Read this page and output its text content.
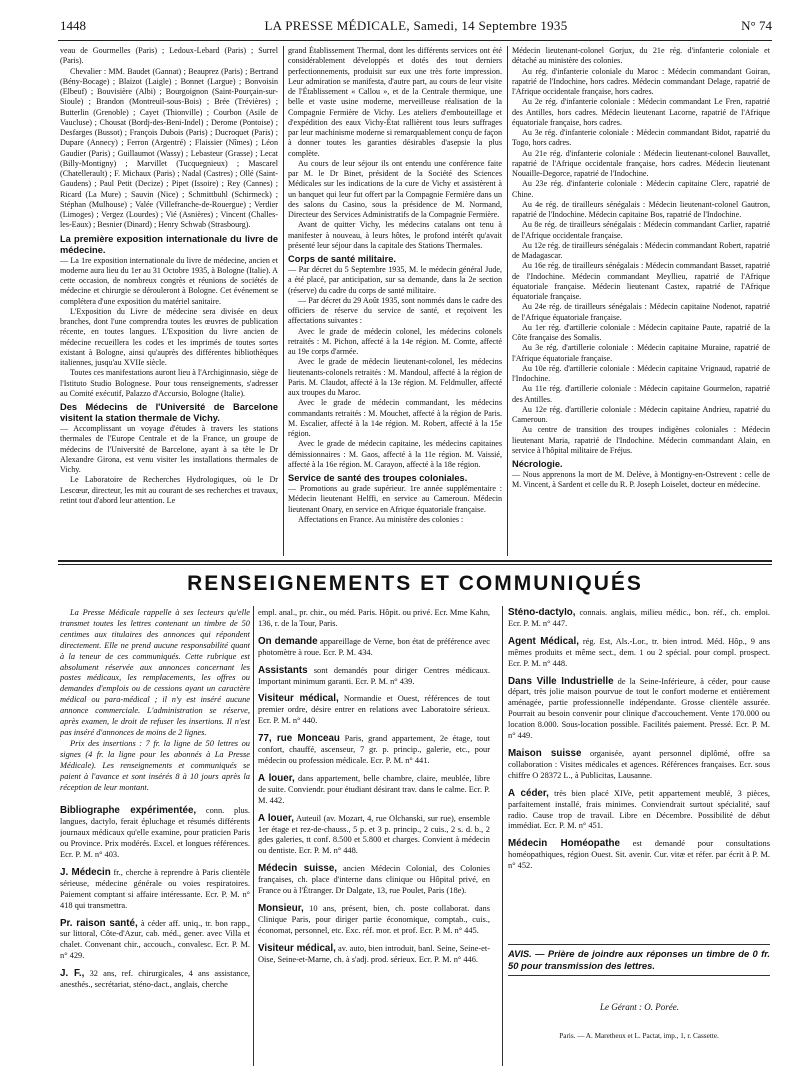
1448	LA PRESSE MÉDICALE, Samedi, 14 Septembre 1935	N° 74

veau de Gourmelles (Paris) ; Ledoux-Lebard (Paris) ; Surrel (Paris).

Chevalier : MM. Baudet (Gannat) ; Beauprez (Paris) ; Bertrand (Bény-Bocage) ; Blaizot (Laigle) ; Bonnet (Largue) ; Bonvoisin (Elbeuf) ; Bouvisière (Albi) ; Bourgoignon (Saint-Pourçain-sur-Sioule) ; Brandon (Montreuil-sous-Bois) ; Brée (Trévières) ; Butterlin (Grenoble) ; Cayet (Thionville) ; Courbon (Asile de Vaucluse) ; Chousat (Bordj-des-Beni-Indel) ; Derome (Pontoise) ; Desfarges (Bussot) ; François Dubois (Paris) ; Ducroquet (Paris) ; Dupare (Annecy) ; Ferron (Argentré) ; Flaissier (Nîmes) ; Léon Gaudier (Paris) ; Guillaumot (Wassy) ; Lebasteur (Grasse) ; Lecat (Billy-Montigny) ; Marvillet (Tucquegnieux) ; Mascarel (Chatellerault) ; F. Michaux (Paris) ; Nadal (Castres) ; Ollé (Saint-Gaudens) ; Paul Petit (Decize) ; Pipet (Issoire) ; Rey (Cannes) ; Ricard (La Mure) ; Sauvin (Nice) ; Schmittbuhl (Schirmeck) ; Stéphan (Mulhouse) ; Valée (Villefranche-de-Rouergue) ; Verdier (Limoges) ; Vergez (Lourdes) ; Vié (Asnières) ; Vincent (Challes-les-Eaux) ; Besnier (Dinard) ; Henry Schwab (Strasbourg).

La première exposition internationale du livre de médecine.

— La 1re exposition internationale du livre de médecine, ancien et moderne aura lieu du 1er au 31 Octobre 1935, à Bologne (Italie). A cette occasion, de nombreux congrès et réunions de sociétés de médecine et chirurgie se dérouleront à Bologne. Cet événement se complétera d'une exposition du matériel sanitaire.

L'Exposition du Livre de médecine sera divisée en deux branches, dont l'une comprendra toutes les œuvres de publication récente, en toutes langues. L'Exposition du livre ancien de médecine recueillera les codes et les imprimés de toutes sortes existant à Bologne, ainsi qu'auprès des différentes bibliothèques italiennes, jusqu'au XVIIe siècle.

Toutes ces manifestations auront lieu à l'Archiginnasio, siège de l'Istituto Studio Bolognese. Pour tous renseignements, s'adresser au Comité exécutif, Palazzo d'Accursio, Bologne (Italie).

Des Médecins de l'Université de Barcelone visitent la station thermale de Vichy.

— Accomplissant un voyage d'études à travers les stations thermales de l'Europe Centrale et de la France, un groupe de médecins de l'Université de Barcelone, ayant à sa tête le Dr Alexandre Girona, est venu visiter les installations thermales de Vichy.

Le Laboratoire de Recherches Hydrologiques, où le Dr Lescœur, directeur, les mit au courant de ses recherches et travaux, retint tout d'abord leur attention. Le

grand Établissement Thermal, dont les différents services ont été considérablement développés et dotés des tout derniers perfectionnements, produisit sur eux une très forte impression. Leur admiration se manifesta, d'autre part, au cours de leur visite de l'Établissement « Callou », et de la Centrale thermique, une belle et vaste usine moderne, merveilleuse réalisation de la Compagnie Fermière de Vichy. Les ateliers d'embouteillage et d'expédition des eaux Vichy-État rallièrent tous leurs suffrages par leur machinisme moderne si remarquablement conçu de façon à donner toutes les garanties désirables d'asepsie la plus complète.

Au cours de leur séjour ils ont entendu une conférence faite par M. le Dr Binet, président de la Société des Sciences Médicales sur les indications de la cure de Vichy et assistèrent à un banquet qui leur fut offert par la Compagnie Fermière dans un des salons du Casino, sous la présidence de M. Normand, Directeur des Services Administratifs de la Compagnie Fermière.

Avant de quitter Vichy, les médecins catalans ont tenu à manifester à nouveau, à leurs hôtes, le profond intérêt qu'avait présenté leur séjour dans la capitale des Stations Thermales.

Corps de santé militaire.

— Par décret du 5 Septembre 1935, M. le médecin général Jude, a été placé, par anticipation, sur sa demande, dans la 2e section (réserve) du cadre du corps de santé militaire.

— Par décret du 29 Août 1935, sont nommés dans le cadre des officiers de réserve du service de santé, et reçoivent les affectations suivantes :

Avec le grade de médecin colonel, les médecins colonels retraités : M. Pichon, affecté à la 14e région. M. Comte, affecté au 19e corps d'armée.

Avec le grade de médecin lieutenant-colonel, les médecins lieutenants-colonels retraités : M. Mandoul, affecté à la région de Paris. M. Claudot, affecté à la 13e région. M. Feldmuller, affecté aux troupes du Maroc.

Avec le grade de médecin commandant, les médecins commandants retraités : M. Mouchet, affecté à la région de Paris. M. Escalier, affecté à la 14e région. M. Robert, affecté à la 15e région.

Avec le grade de médecin capitaine, les médecins capitaines démissionnaires : M. Gaos, affecté à la 11e région. M. Vaissié, affecté à la 16e région. M. Carayon, affecté à la 18e région.

Service de santé des troupes coloniales.

— Promotions au grade supérieur. 1re année supplémentaire : Médecin lieutenant Helffi, en service au Cameroun. Médecin lieutenant Onary, en service en Afrique équatoriale française.

Affectations en France. Au ministère des colonies :

Médecin lieutenant-colonel Gorjux, du 21e rég. d'infanterie coloniale et détaché au ministère des colonies.

Au rég. d'infanterie coloniale du Maroc : Médecin commandant Goiran, rapatrié de l'Indochine, hors cadres. Médecin commandant Delage, rapatrié de l'Afrique occidentale française, hors cadres.

Au 2e rég. d'infanterie coloniale : Médecin commandant Le Fren, rapatrié des Antilles, hors cadres. Médecin lieutenant Lacorne, rapatrié de l'Afrique équatoriale française, hors cadres.

Au 3e rég. d'infanterie coloniale : Médecin commandant Bidot, rapatrié du Togo, hors cadres.

Au 21e rég. d'infanterie coloniale : Médecin lieutenant-colonel Bauvallet, rapatrié de l'Afrique occidentale française, hors cadres. Médecin lieutenant Nouaille-Degorce, rapatrié de l'Indochine.

Au 23e rég. d'infanterie coloniale : Médecin capitaine Clerc, rapatrié de Chine.

Au 4e rég. de tirailleurs sénégalais : Médecin lieutenant-colonel Gautron, rapatrié de l'Indochine. Médecin capitaine Bos, rapatrié de l'Indochine.

Au 8e rég. de tirailleurs sénégalais : Médecin commandant Carlier, rapatrié de l'Afrique occidentale française.

Au 12e rég. de tirailleurs sénégalais : Médecin commandant Robert, rapatrié de Madagascar.

Au 16e rég. de tirailleurs sénégalais : Médecin commandant Basset, rapatrié de l'Indochine. Médecin commandant Meyllieu, rapatrié de l'Afrique équatoriale française. Médecin lieutenant Castex, rapatrié de l'Afrique équatoriale française.

Au 24e rég. de tirailleurs sénégalais : Médecin capitaine Nodenot, rapatrié de l'Afrique équatoriale française.

Au 1er rég. d'artillerie coloniale : Médecin capitaine Paute, rapatrié de la Côte française des Somalis.

Au 3e rég. d'artillerie coloniale : Médecin capitaine Muraine, rapatrié de l'Afrique équatoriale française.

Au 10e rég. d'artillerie coloniale : Médecin capitaine Vrignaud, rapatrié de l'Indochine.

Au 11e rég. d'artillerie coloniale : Médecin capitaine Gourmelon, rapatrié des Antilles.

Au 12e rég. d'artillerie coloniale : Médecin capitaine Andrieu, rapatrié du Cameroun.

Au centre de transition des troupes indigènes coloniales : Médecin lieutenant Maria, rapatrié de l'Indochine. Médecin commandant Alain, en service à l'hôpital militaire de Fréjus.

Nécrologie.

— Nous apprenons la mort de M. Delève, à Montigny-en-Ostrevent : celle de M. Vincent, à Sardent et celle du R. P. Joseph Loiselet, docteur en médecine.

RENSEIGNEMENTS ET COMMUNIQUÉS

La Presse Médicale rappelle à ses lecteurs qu'elle transmet toutes les lettres contenant un timbre de 50 centimes aux titulaires des annonces qui répondent directement. Elle ne prend aucune responsabilité quant à la teneur de ces communiqués. Cette rubrique est absolument réservée aux annonces concernant les postes médicaux, les remplacements, les offres ou demandes d'emplois ou de cessions ayant un caractère médical ou para-médical ; il n'y est inséré aucune annonce commerciale. L'administration se réserve, après examen, le droit de refuser les insertions. Il n'est pas inséré d'annonces de moins de 2 lignes.

Prix des insertions : 7 fr. la ligne de 50 lettres ou signes (4 fr. la ligne pour les abonnés à La Presse Médicale). Les renseignements et communiqués se paient à l'avance et sont insérés 8 à 10 jours après la réception de leur montant.

Bibliographe expérimentée, conn. plus. langues, dactylo, ferait épluchage et résumés différents journaux médicaux qu'elle examine, pour praticien Paris ou Province. Prix modérés. Excel. et longues références. Ecr. P. M. n° 403.

J. Médecin fr., cherche à reprendre à Paris clientèle sérieuse, médecine générale ou voies respiratoires. Paiement comptant si affaire intéressante. Ecr. P. M. n° 418 qui transmettra.

Pr. raison santé, à céder aff. uniq., tr. bon rapp., sur littoral, Côte-d'Azur, cab. méd., gener. avec Villa et chalet. Convenant chir., accouch., convalesc. Ecr. P. M. n° 429.

J. F., 32 ans, ref. chirurgicales, 4 ans assistance, anesthés., secrétariat, sténo-dact., anglais, cherche

empl. anal., pr. chir., ou méd. Paris. Hôpit. ou privé. Ecr. Mme Kahn, 136, r. de la Tour, Paris.

On demande appareillage de Verne, bon état de préférence avec photomètre à roue. Ecr. P. M. 434.

Assistants sont demandés pour diriger Centres médicaux. Important minimum garanti. Ecr. P. M. n° 439.

Visiteur médical, Normandie et Ouest, références de tout premier ordre, désire entrer en relations avec Laboratoire sérieux. Ecr. P. M. n° 440.

77, rue Monceau Paris, grand appartement, 2e étage, tout confort, chauffé, ascenseur, 7 gr. p. princip., galerie, etc., pour médecin ou profession médicale. Ecr. P. M. n° 441.

A louer, dans appartement, belle chambre, claire, meublée, libre de suite. Conviendr. pour étudiant désirant trav. dans le calme. Ecr. P. M. 442.

A louer, Auteuil (av. Mozart, 4, rue Olchanski, sur rue), ensemble 1er étage et rez-de-chauss., 5 p. et 3 p. princip., 2 cuis., 2 s. d. b., 2 gdes galeries, tt conf. 8.500 et 5.800 et charges. Convient à médecin ou dentiste. Ecr. P. M. n° 448.

Médecin suisse, ancien Médecin Colonial, des Colonies françaises, ch. place d'interne dans clinique ou Hôpital privé, en France ou à l'Étranger. Dr Dalgate, 13, rue Poulet, Paris (18e).

Monsieur, 10 ans, présent, bien, ch. poste collaborat. dans Clinique Paris, pour diriger partie économique, comptab., cuis., économat, personnel, etc. Exc. réf. mor. et prof. Ecr. P. M. n° 445.

Visiteur médical, av. auto, bien introduit, banl. Seine, Seine-et-Oise, Seine-et-Marne, ch. à s'adj. prod. sérieux. Ecr. P. M. n° 446.

Sténo-dactylo, connais. anglais, milieu médic., bon. réf., ch. emploi. Ecr. P. M. n° 447.

Agent Médical, rég. Est, Als.-Lor., tr. bien introd. Méd. Hôp., 9 ans mêmes produits et même sect., dem. 1 ou 2 spécial. pour compl. prospect. Ecr. P. M. n° 448.

Dans Ville Industrielle de la Seine-Inférieure, à céder, pour cause départ, très jolie maison pourvue de tout le confort moderne et entièrement aménagée, partie professionnelle indépendante. Grosse clientèle assurée. Pourrait au besoin convenir pour clinique d'accouchement. Vente 170.000 ou location 8.000. Sous-location possible. Facilités paiement. Pressé. Ecr. P. M. n° 449.

Maison suisse organisée, ayant personnel diplômé, offre sa collaboration : Visites médicales et agences. Références françaises. Ecr. sous chiffre O 28372 L., à Publicitas, Lausanne.

A céder, très bien placé XIVe, petit appartement meublé, 3 pièces, parfaitement installé, frais minimes. Conviendrait surtout spécialité, sauf radio. Cause trop de travail. Libre en Décembre. Possibilité de début immédiat. Ecr. P. M. n° 451.

Médecin Homéopathe est demandé pour consultations homéopathiques, région Ouest. Sit. avenir. Cur. vitæ et réfer. par écrit à P. M. n° 452.

AVIS. — Prière de joindre aux réponses un timbre de 0 fr. 50 pour transmission des lettres.
Le Gérant : O. Porée.
Paris. — A. Maretheux et L. Pactat, imp., 1, r. Cassette.
